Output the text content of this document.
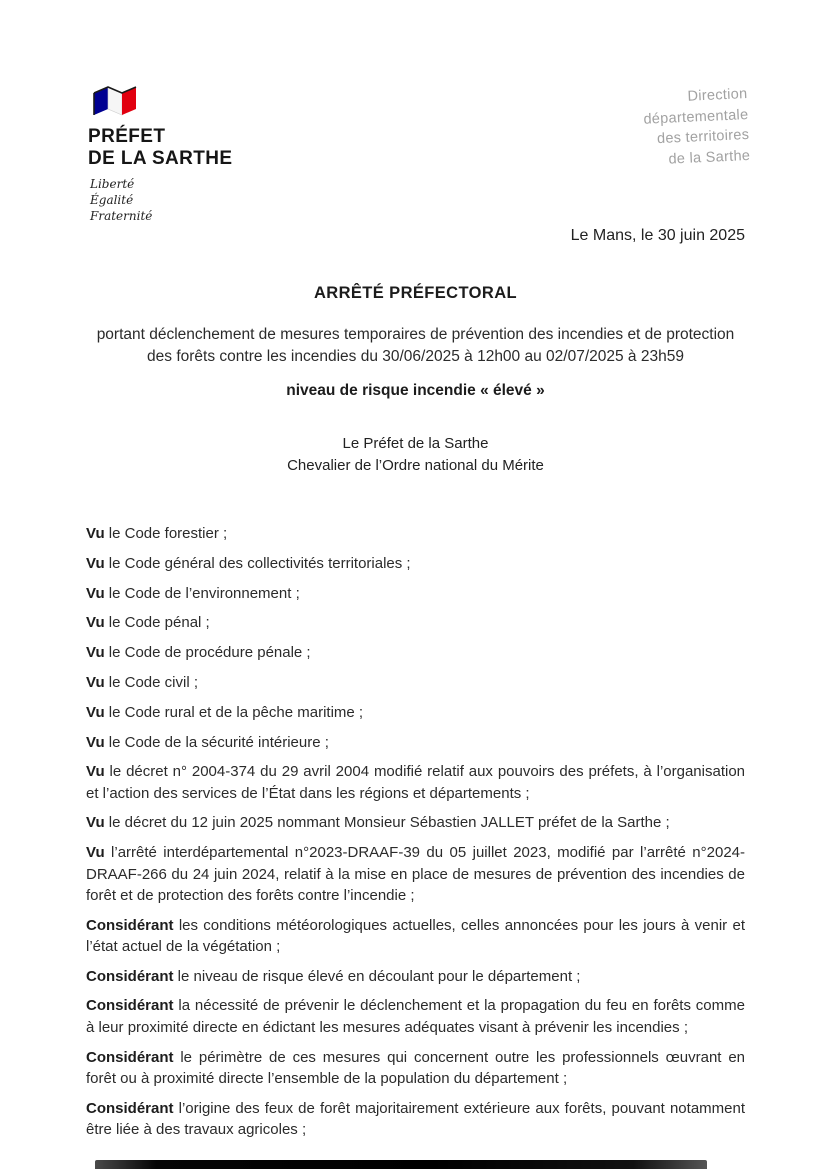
PRÉFET
DE LA SARTHE
Liberté
Égalité
Fraternité
Direction
départementale
des territoires
de la Sarthe
Le Mans, le 30 juin 2025
ARRÊTÉ PRÉFECTORAL
portant déclenchement de mesures temporaires de prévention des incendies et de protection des forêts contre les incendies du 30/06/2025 à 12h00 au 02/07/2025 à 23h59
niveau de risque incendie « élevé »
Le Préfet de la Sarthe
Chevalier de l’Ordre national du Mérite

Vu le Code forestier ;

Vu le Code général des collectivités territoriales ;

Vu le Code de l’environnement ;

Vu le Code pénal ;

Vu le Code de procédure pénale ;

Vu le Code civil ;

Vu le Code rural et de la pêche maritime ;

Vu le Code de la sécurité intérieure ;

Vu le décret n° 2004-374 du 29 avril 2004 modifié relatif aux pouvoirs des préfets, à l’organisation et l’action des services de l’État dans les régions et départements ;

Vu le décret du 12 juin 2025 nommant Monsieur Sébastien JALLET préfet de la Sarthe ;

Vu l’arrêté interdépartemental n°2023-DRAAF-39 du 05 juillet 2023, modifié par l’arrêté n°2024-DRAAF-266 du 24 juin 2024, relatif à la mise en place de mesures de prévention des incendies de forêt et de protection des forêts contre l’incendie ;

Considérant les conditions météorologiques actuelles, celles annoncées pour les jours à venir et l’état actuel de la végétation ;

Considérant le niveau de risque élevé en découlant pour le département ;

Considérant la nécessité de prévenir le déclenchement et la propagation du feu en forêts comme à leur proximité directe en édictant les mesures adéquates visant à prévenir les incendies ;

Considérant le périmètre de ces mesures qui concernent outre les professionnels œuvrant en forêt ou à proximité directe l’ensemble de la population du département ;

Considérant l’origine des feux de forêt majoritairement extérieure aux forêts, pouvant notamment être liée à des travaux agricoles ;
